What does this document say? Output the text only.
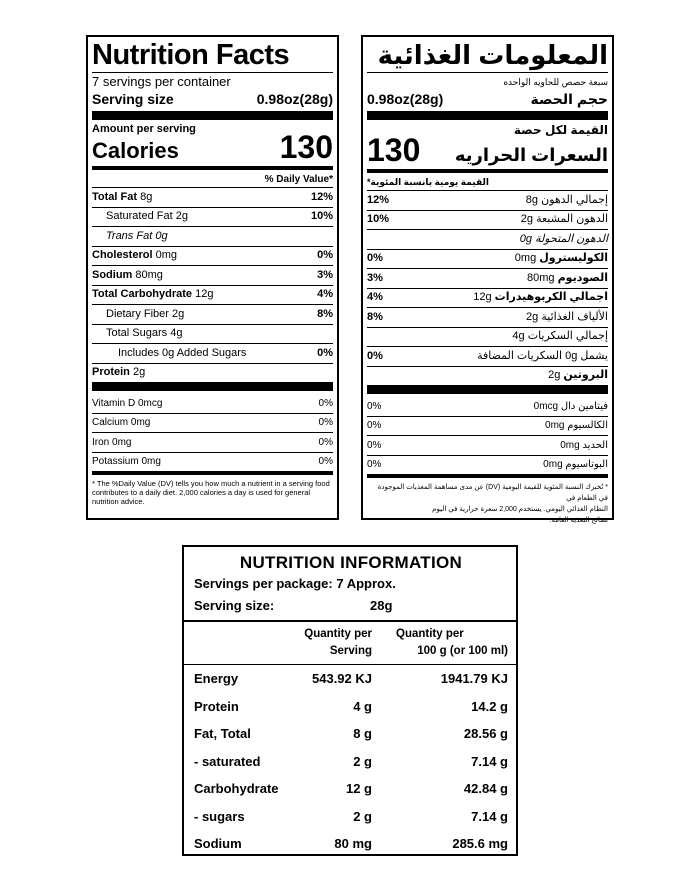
Nutrition Facts
7 servings per container
Serving size	0.98oz(28g)
Amount per serving
Calories	130
% Daily Value*
Total Fat 8g	12%
Saturated Fat 2g	10%
Trans Fat 0g
Cholesterol 0mg	0%
Sodium 80mg	3%
Total Carbohydrate 12g	4%
Dietary Fiber 2g	8%
Total Sugars 4g
Includes 0g Added Sugars	0%
Protein 2g
Vitamin D 0mcg	0%
Calcium 0mg	0%
Iron 0mg	0%
Potassium 0mg	0%
* The %Daily Value (DV) tells you how much a nutrient in a serving food contributes to a daily diet. 2,000 calories a day is used for general nutrition advice.
المعلومات الغذائية
سبعة حصص للحاويه الواحده
0.98oz(28g)	حجم الحصة
القيمة لكل حصة
130 السعرات الحراريه
القيمة يومية بانسبة المئوية*
12%	إجمالي الدهون 8g
10%	الدهون المشبعة 2g
الدهون المتحولة 0g
0%	الكوليسترول 0mg
3%	الصوديوم 80mg
4%	اجمالي الكربوهيدرات 12g
8%	الألياف الغذائية 2g
إجمالي السكريات 4g
0%	يشمل 0g السكريات المضافة
البروتين 2g
0%	فيتامين دال 0mcg
0%	الكالسيوم 0mg
0%	الحديد 0mg
0%	البوتاسيوم 0mg
* تُخبرك النسبة المئوية للقيمة اليومية (DV) عن مدى مساهمة المغذيات الموجودة في الطعام في
النظام الغذائي اليومي. يستخدم 2,000 سعرة حرارية في اليوم
نصائح التغذية العامة.
NUTRITION INFORMATION
Servings per package: 7 Approx.
Serving size:	28g
Quantity per
Serving
Quantity per
100 g (or 100 ml)
Energy	543.92 KJ	1941.79 KJ
Protein	4 g	14.2 g
Fat, Total	8 g	28.56 g
- saturated	2 g	7.14 g
Carbohydrate	12 g	42.84 g
- sugars	2 g	7.14 g
Sodium	80 mg	285.6 mg
